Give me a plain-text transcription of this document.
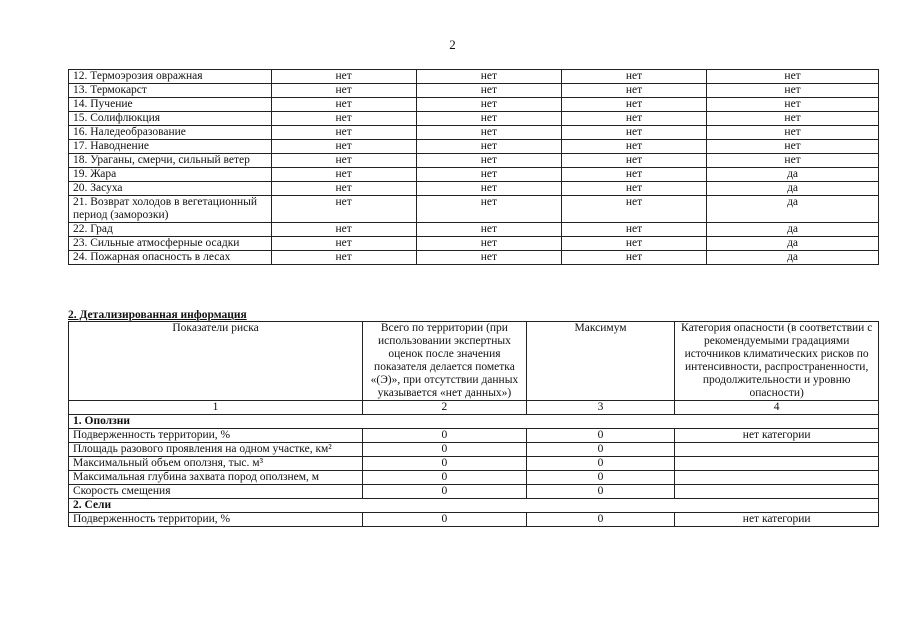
2
12. Термоэрозия овражная	нет	нет	нет	нет
13. Термокарст	нет	нет	нет	нет
14. Пучение	нет	нет	нет	нет
15. Солифлюкция	нет	нет	нет	нет
16. Наледеобразование	нет	нет	нет	нет
17. Наводнение	нет	нет	нет	нет
18. Ураганы, смерчи, сильный ветер	нет	нет	нет	нет
19. Жара	нет	нет	нет	да
20. Засуха	нет	нет	нет	да
21. Возврат холодов в вегетационный период (заморозки)	нет	нет	нет	да
22. Град	нет	нет	нет	да
23. Сильные атмосферные осадки	нет	нет	нет	да
24. Пожарная опасность в лесах	нет	нет	нет	да
2. Детализированная информация
Показатели риска	Всего по территории (при использовании экспертных оценок после значения показателя делается пометка «(Э)», при отсутствии данных указывается «нет данных»)	Максимум	Категория опасности (в соответствии с рекомендуемыми градациями источников климатических рисков по интенсивности, распространенности, продолжительности и уровню опасности)
1	2	3	4
1. Оползни			
Подверженность территории, %	0	0	нет категории
Площадь разового проявления на одном участке, км²	0	0	
Максимальный объем оползня, тыс. м³	0	0	
Максимальная глубина захвата пород оползнем, м	0	0	
Скорость смещения	0	0	
2. Сели			
Подверженность территории, %	0	0	нет категории
